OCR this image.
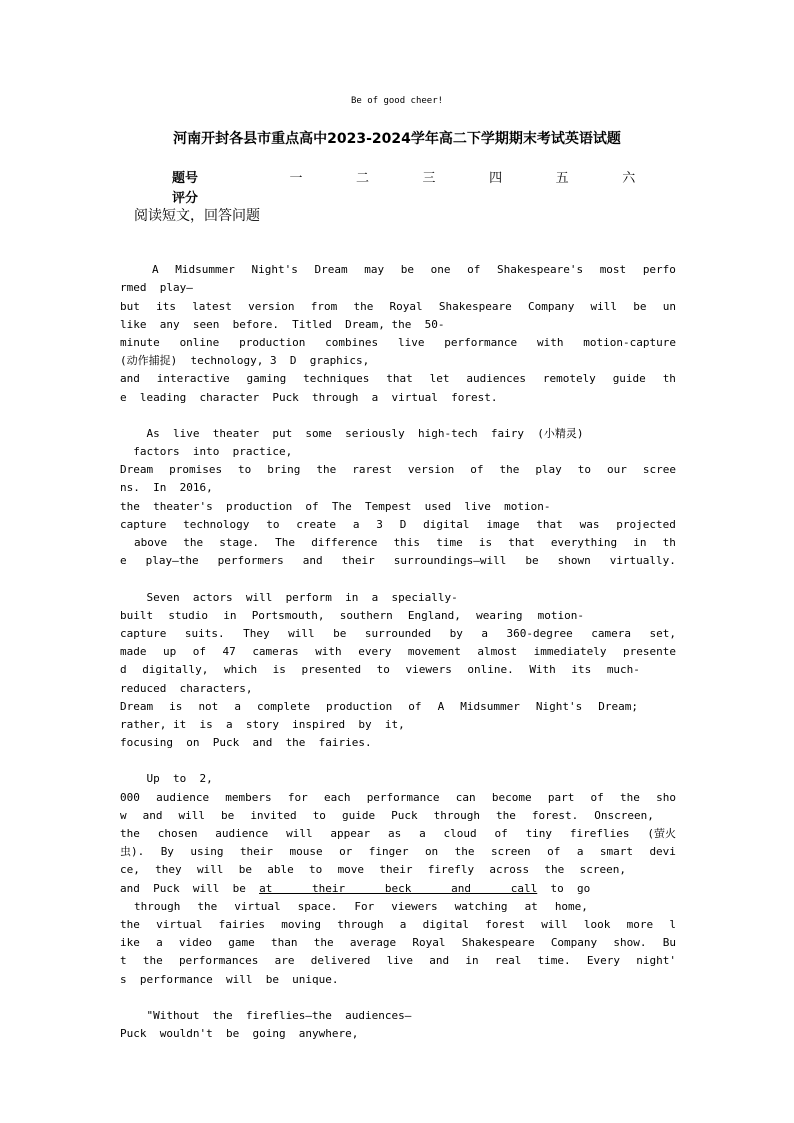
Be of good cheer!
河南开封各县市重点高中2023-2024学年高二下学期期末考试英语试题
题号	一	二	三	四	五	六
评分						
阅读短文，回答问题

A Midsummer Night's Dream may be one of Shakespeare's most perfo
rmed  play—
but its latest version from the Royal Shakespeare Company will be un
like  any  seen  before.  Titled  Dream, the  50-
minute online production combines live performance with motion-capture
(动作捕捉)  technology, 3  D  graphics,
and interactive gaming techniques that let audiences remotely guide th
e  leading  character  Puck  through  a  virtual  forest.

As  live  theater  put  some  seriously  high-tech  fairy  (小精灵)
factors  into  practice,
Dream promises to bring the rarest version of the play to our scree
ns.  In  2016,
the  theater's  production  of  The  Tempest  used  live  motion-
capture technology to create a 3 D digital image that was projected
above the stage. The difference this time is that everything in th
e play—the performers and their surroundings—will be shown virtually.

Seven  actors  will  perform  in  a  specially-
built studio in Portsmouth, southern England, wearing motion-
capture suits. They will be surrounded by a 360-degree camera set,
made up of 47 cameras with every movement almost immediately presente
d digitally, which is presented to viewers online. With its much-
reduced  characters,
Dream is not a complete production of A Midsummer Night's Dream;
rather, it  is  a  story  inspired  by  it,
focusing  on  Puck  and  the  fairies.

Up  to  2,
000 audience members for each performance can become part of the sho
w and will be invited to guide Puck through the forest. Onscreen,
the chosen audience will appear as a cloud of tiny fireflies (萤火
虫). By using their mouse or finger on the screen of a smart devi
ce, they will be able to move their firefly across the screen,
and  Puck  will  be  at      their      beck      and      call  to  go
through the virtual space. For viewers watching at home,
the virtual fairies moving through a digital forest will look more l
ike a video game than the average Royal Shakespeare Company show. Bu
t the performances are delivered live and in real time. Every night'
s  performance  will  be  unique.

"Without  the  fireflies—the  audiences—
Puck  wouldn't  be  going  anywhere,
